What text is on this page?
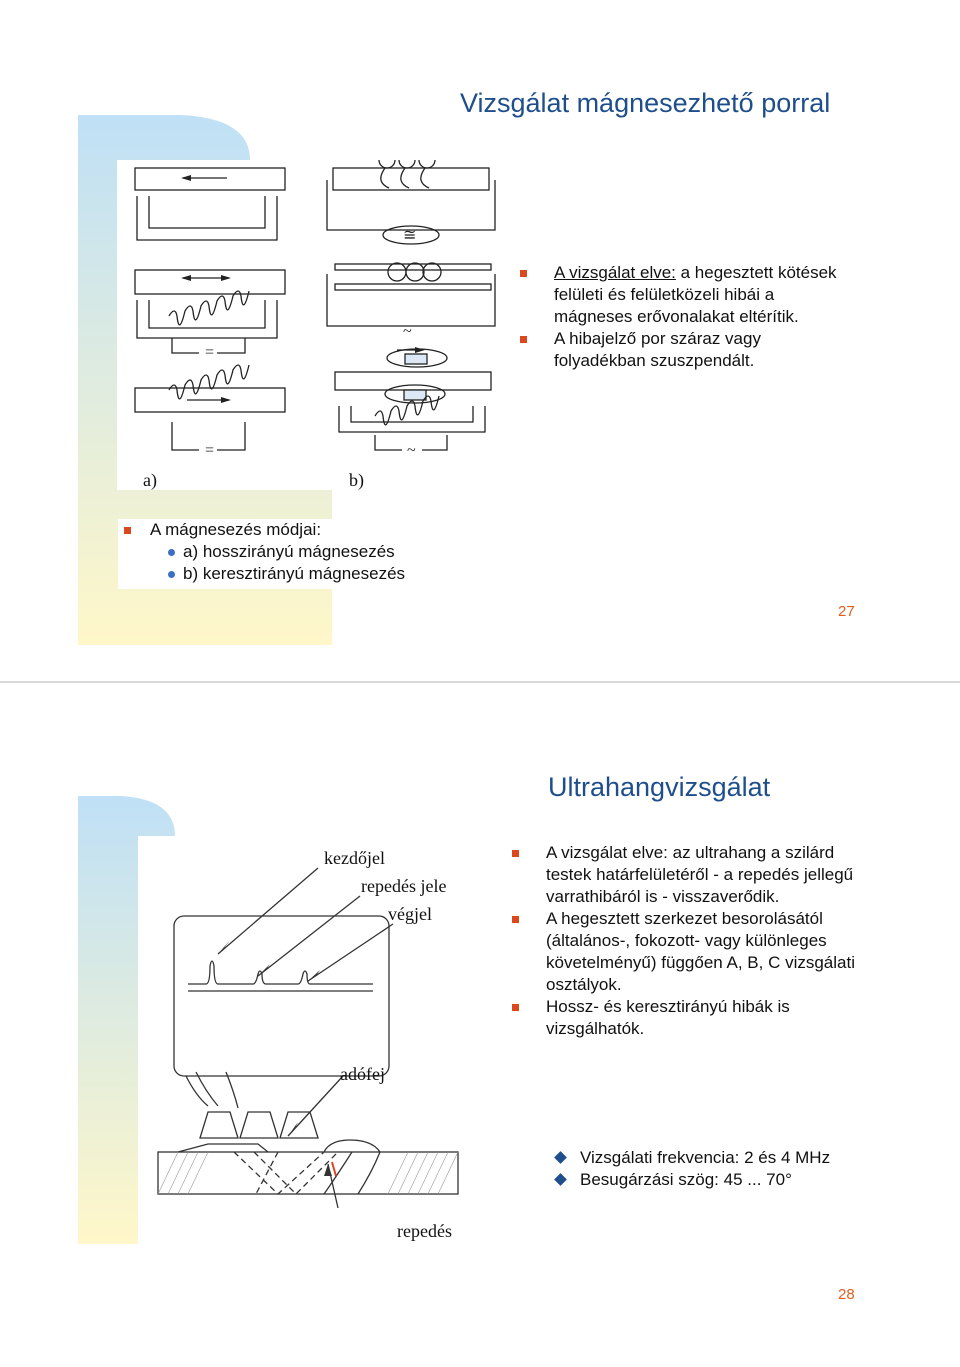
Vizsgálat mágnesezhető porral
=
=
≅
~
~
a)	b)

A vizsgálat elve: a hegesztett kötések felületi és felületközeli hibái a mágneses erővonalakat eltérítik.

A hibajelző por száraz vagy folyadékban szuszpendált.

A mágnesezés módjai:

a) hosszirányú mágnesezés

b) keresztirányú mágnesezés

27
Ultrahangvizsgálat
kezdőjel
repedés jele
végjel
adófej
repedés

A vizsgálat elve: az ultrahang a szilárd testek határfelületéről - a repedés jellegű varrathibáról is - visszaverődik.

A hegesztett szerkezet besorolásától (általános-, fokozott- vagy különleges követelményű) függően A, B, C vizsgálati osztályok.

Hossz- és keresztirányú hibák is vizsgálhatók.

Vizsgálati frekvencia: 2 és 4 MHz

Besugárzási szög: 45 ... 70°

28
